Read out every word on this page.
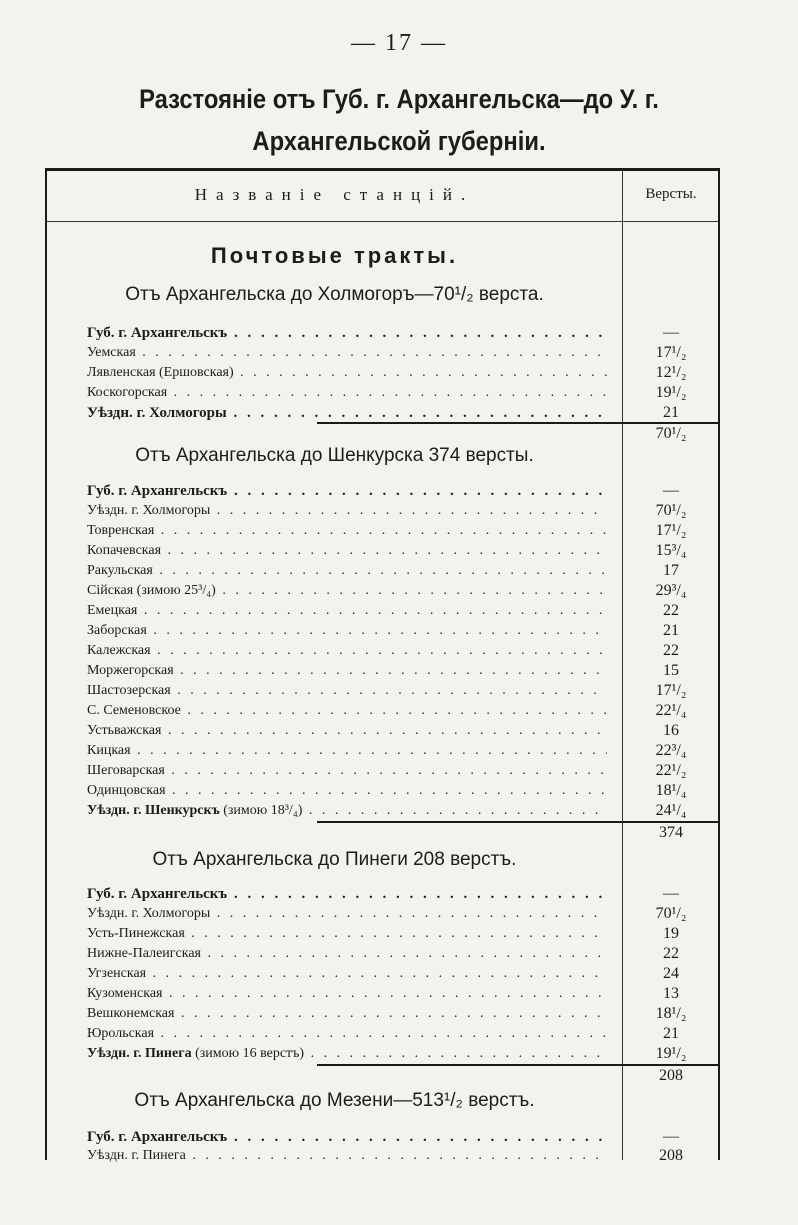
— 17 —
Разстояніе отъ Губ. г. Архангельска—до У. г.
Архангельской губерніи.
Названіе станцій.	Версты.
Почтовые тракты.
Отъ Архангельска до Холмогоръ—70¹/₂ верста.
Губ. г. Архангельскъ . . .	—
Уемская . . .	17¹/₂
Лявленская (Ершовская) . . .	12¹/₂
Коскогорская . . .	19¹/₂
Уѣздн. г. Холмогоры . . .	21
70¹/₂
Отъ Архангельска до Шенкурска 374 версты.
Губ. г. Архангельскъ . . .	—
Уѣздн. г. Холмогоры . . .	70¹/₂
Товренская . . .	17¹/₂
Копачевская . . .	15³/₄
Ракульская . . .	17
Сійская (зимою 25³/₄) . . .	29³/₄
Емецкая . . .	22
Заборская . . .	21
Калежская . . .	22
Моржегорская . . .	15
Шастозерская . . .	17¹/₂
С. Семеновское . . .	22¹/₄
Устьважская . . .	16
Кицкая . . .	22³/₄
Шеговарская . . .	22¹/₂
Одинцовская . . .	18¹/₄
Уѣздн. г. Шенкурскъ (зимою 18³/₄) . . .	24¹/₄
374
Отъ Архангельска до Пинеги 208 верстъ.
Губ. г. Архангельскъ . . .	—
Уѣздн. г. Холмогоры . . .	70¹/₂
Усть-Пинежская . . .	19
Нижне-Палеигская . . .	22
Угзенская . . .	24
Кузоменская . . .	13
Вешконемская . . .	18¹/₂
Юрольская . . .	21
Уѣздн. г. Пинега (зимою 16 верстъ) . . .	19¹/₂
208
Отъ Архангельска до Мезени—513¹/₂ верстъ.
Губ. г. Архангельскъ . . .	—
Уѣздн. г. Пинега . . .	208
